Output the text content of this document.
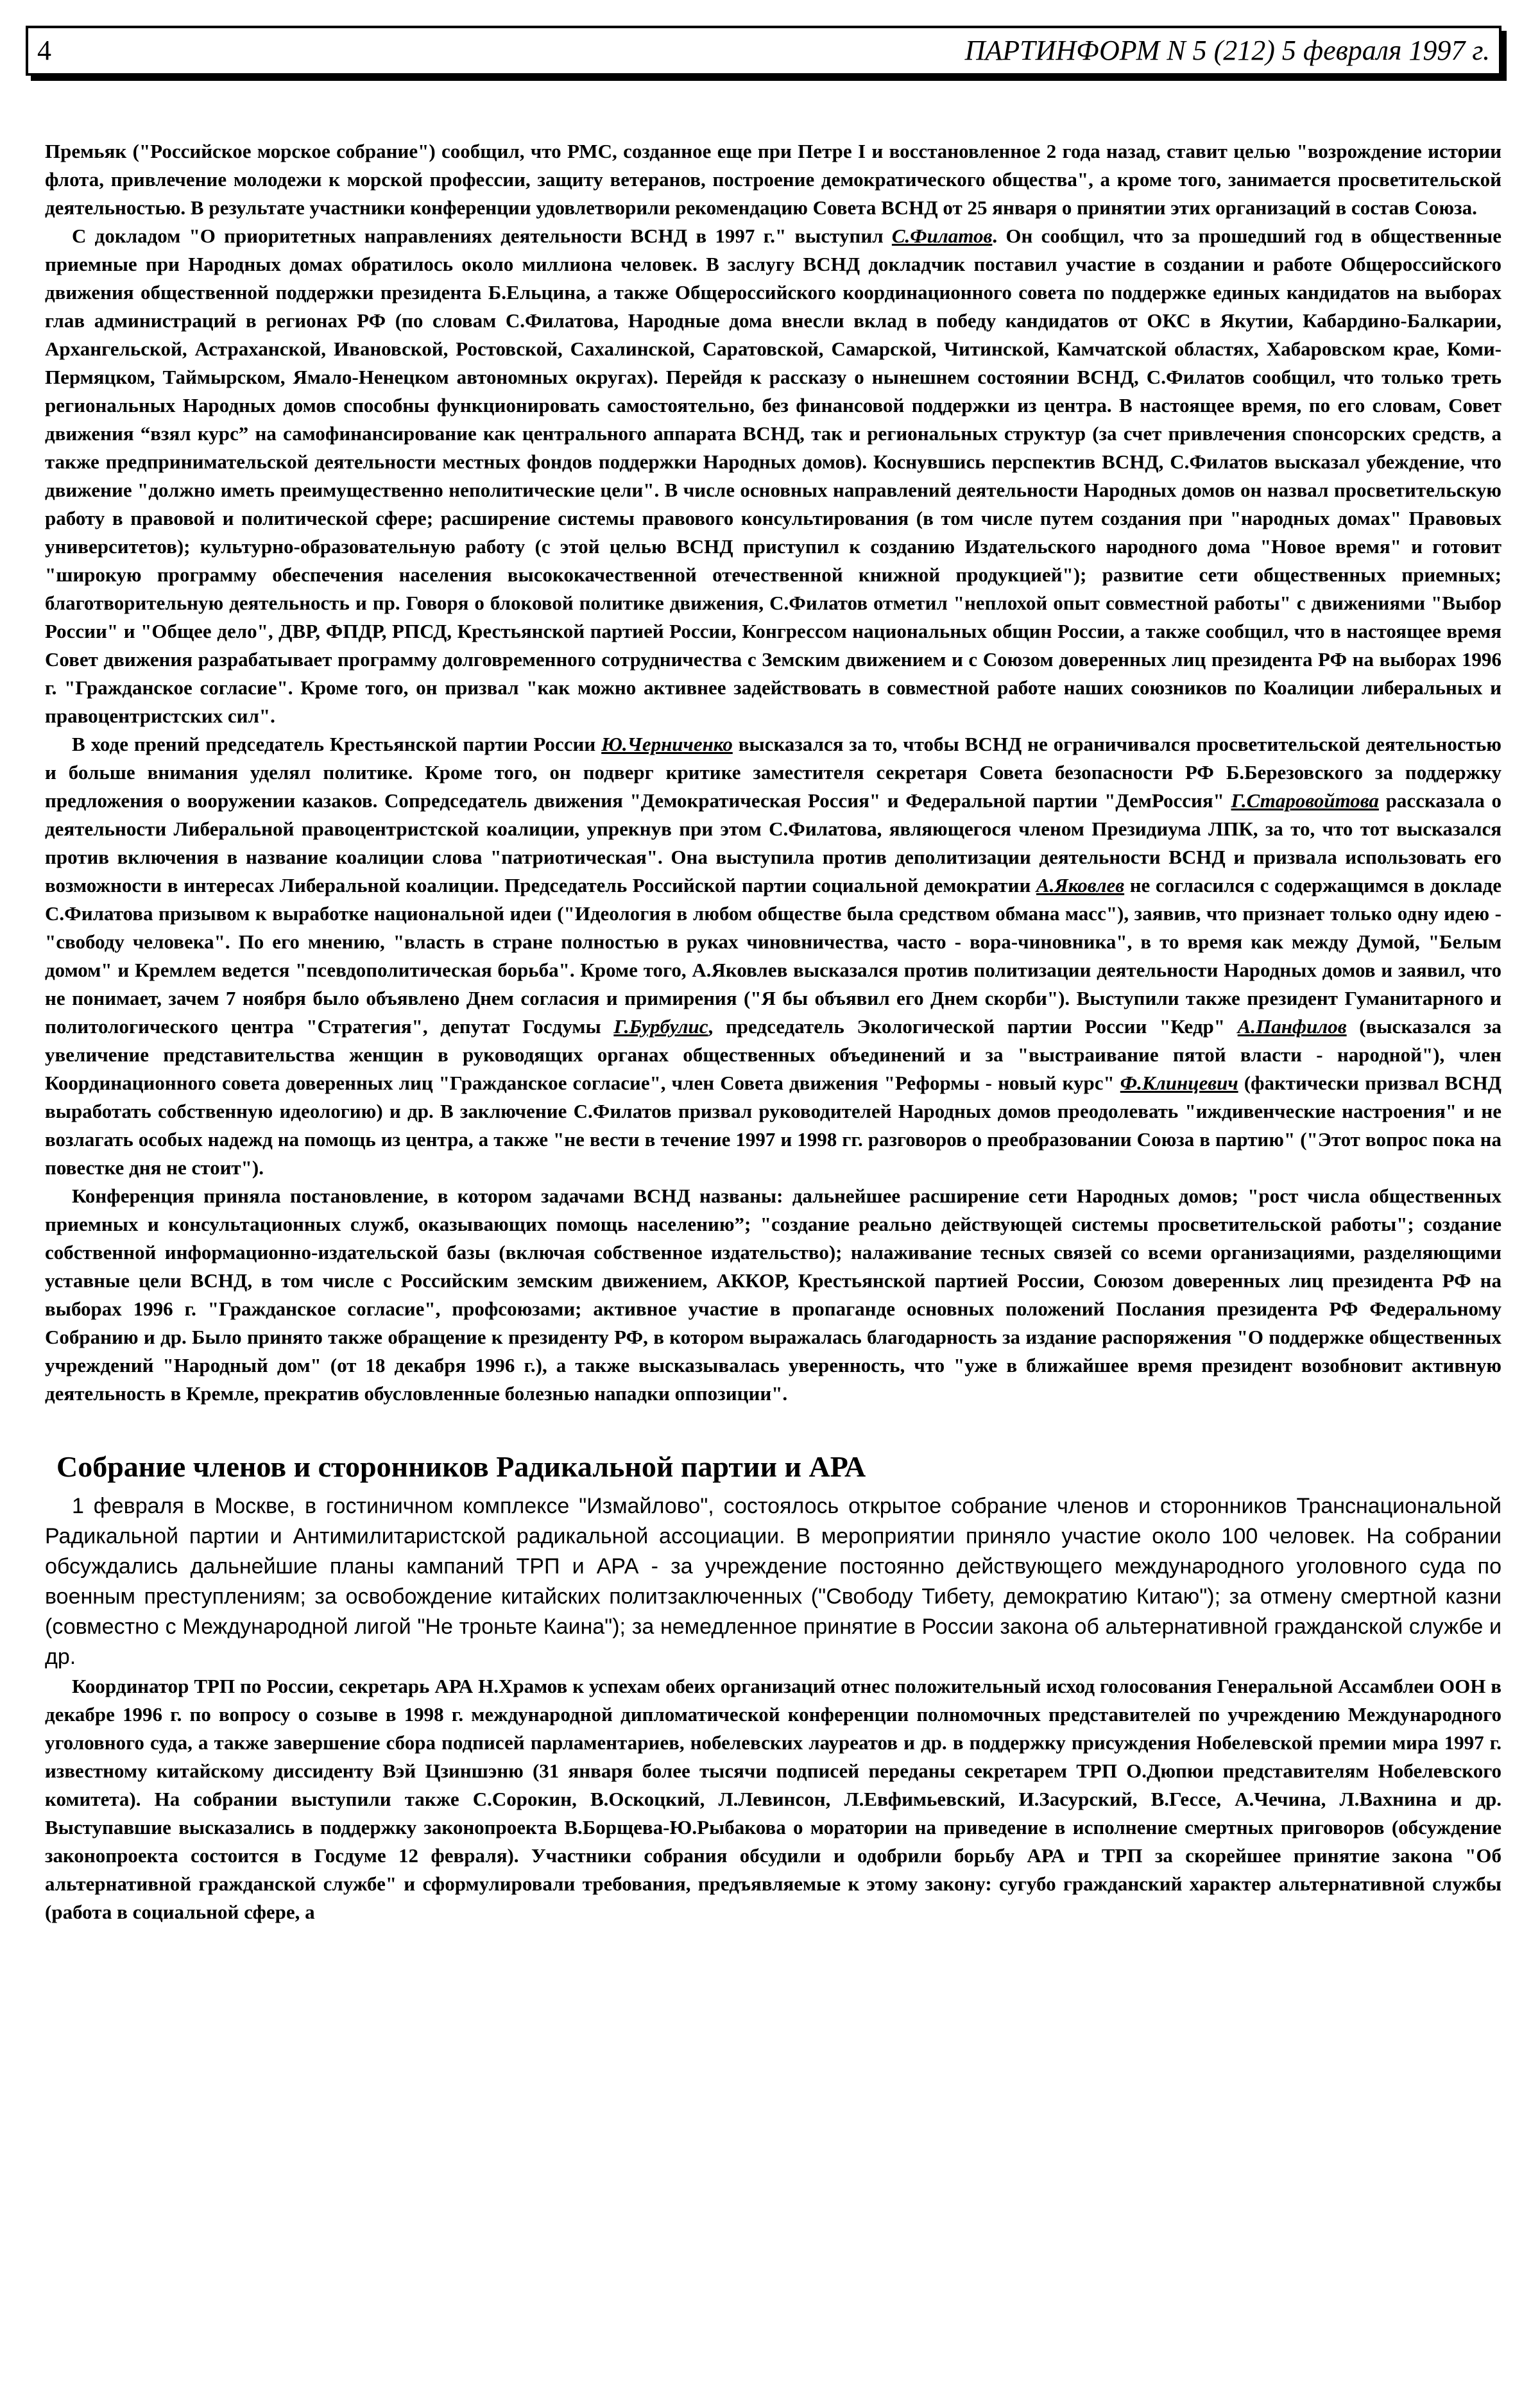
4	ПАРТИНФОРМ N 5 (212) 5 февраля 1997 г.

Премьяк ("Российское морское собрание") сообщил, что РМС, созданное еще при Петре I и восстановленное 2 года назад, ставит целью "возрождение истории флота, привлечение молодежи к морской профессии, защиту ветеранов, построение демократического общества", а кроме того, занимается просветительской деятельностью. В результате участники конференции удовлетворили рекомендацию Совета ВСНД от 25 января о принятии этих организаций в состав Союза.

С докладом "О приоритетных направлениях деятельности ВСНД в 1997 г." выступил С.Филатов. Он сообщил, что за прошедший год в общественные приемные при Народных домах обратилось около миллиона человек. В заслугу ВСНД докладчик поставил участие в создании и работе Общероссийского движения общественной поддержки президента Б.Ельцина, а также Общероссийского координационного совета по поддержке единых кандидатов на выборах глав администраций в регионах РФ (по словам С.Филатова, Народные дома внесли вклад в победу кандидатов от ОКС в Якутии, Кабардино-Балкарии, Архангельской, Астраханской, Ивановской, Ростовской, Сахалинской, Саратовской, Самарской, Читинской, Камчатской областях, Хабаровском крае, Коми-Пермяцком, Таймырском, Ямало-Ненецком автономных округах). Перейдя к рассказу о нынешнем состоянии ВСНД, С.Филатов сообщил, что только треть региональных Народных домов способны функционировать самостоятельно, без финансовой поддержки из центра. В настоящее время, по его словам, Совет движения “взял курс” на самофинансирование как центрального аппарата ВСНД, так и региональных структур (за счет привлечения спонсорских средств, а также предпринимательской деятельности местных фондов поддержки Народных домов). Коснувшись перспектив ВСНД, С.Филатов высказал убеждение, что движение "должно иметь преимущественно неполитические цели". В числе основных направлений деятельности Народных домов он назвал просветительскую работу в правовой и политической сфере; расширение системы правового консультирования (в том числе путем создания при "народных домах" Правовых университетов); культурно-образовательную работу (с этой целью ВСНД приступил к созданию Издательского народного дома "Новое время" и готовит "широкую программу обеспечения населения высококачественной отечественной книжной продукцией"); развитие сети общественных приемных; благотворительную деятельность и пр. Говоря о блоковой политике движения, С.Филатов отметил "неплохой опыт совместной работы" с движениями "Выбор России" и "Общее дело", ДВР, ФПДР, РПСД, Крестьянской партией России, Конгрессом национальных общин России, а также сообщил, что в настоящее время Совет движения разрабатывает программу долговременного сотрудничества с Земским движением и с Союзом доверенных лиц президента РФ на выборах 1996 г. "Гражданское согласие". Кроме того, он призвал "как можно активнее задействовать в совместной работе наших союзников по Коалиции либеральных и правоцентристских сил".

В ходе прений председатель Крестьянской партии России Ю.Черниченко высказался за то, чтобы ВСНД не ограничивался просветительской деятельностью и больше внимания уделял политике. Кроме того, он подверг критике заместителя секретаря Совета безопасности РФ Б.Березовского за поддержку предложения о вооружении казаков. Сопредседатель движения "Демократическая Россия" и Федеральной партии "ДемРоссия" Г.Старовойтова рассказала о деятельности Либеральной правоцентристской коалиции, упрекнув при этом С.Филатова, являющегося членом Президиума ЛПК, за то, что тот высказался против включения в название коалиции слова "патриотическая". Она выступила против деполитизации деятельности ВСНД и призвала использовать его возможности в интересах Либеральной коалиции. Председатель Российской партии социальной демократии А.Яковлев не согласился с содержащимся в докладе С.Филатова призывом к выработке национальной идеи ("Идеология в любом обществе была средством обмана масс"), заявив, что признает только одну идею - "свободу человека". По его мнению, "власть в стране полностью в руках чиновничества, часто - вора-чиновника", в то время как между Думой, "Белым домом" и Кремлем ведется "псевдополитическая борьба". Кроме того, А.Яковлев высказался против политизации деятельности Народных домов и заявил, что не понимает, зачем 7 ноября было объявлено Днем согласия и примирения ("Я бы объявил его Днем скорби"). Выступили также президент Гуманитарного и политологического центра "Стратегия", депутат Госдумы Г.Бурбулис, председатель Экологической партии России "Кедр" А.Панфилов (высказался за увеличение представительства женщин в руководящих органах общественных объединений и за "выстраивание пятой власти - народной"), член Координационного совета доверенных лиц "Гражданское согласие", член Совета движения "Реформы - новый курс" Ф.Клинцевич (фактически призвал ВСНД выработать собственную идеологию) и др. В заключение С.Филатов призвал руководителей Народных домов преодолевать "иждивенческие настроения" и не возлагать особых надежд на помощь из центра, а также "не вести в течение 1997 и 1998 гг. разговоров о преобразовании Союза в партию" ("Этот вопрос пока на повестке дня не стоит").

Конференция приняла постановление, в котором задачами ВСНД названы: дальнейшее расширение сети Народных домов; "рост числа общественных приемных и консультационных служб, оказывающих помощь населению”; "создание реально действующей системы просветительской работы"; создание собственной информационно-издательской базы (включая собственное издательство); налаживание тесных связей со всеми организациями, разделяющими уставные цели ВСНД, в том числе с Российским земским движением, АККОР, Крестьянской партией России, Союзом доверенных лиц президента РФ на выборах 1996 г. "Гражданское согласие", профсоюзами; активное участие в пропаганде основных положений Послания президента РФ Федеральному Собранию и др. Было принято также обращение к президенту РФ, в котором выражалась благодарность за издание распоряжения "О поддержке общественных учреждений "Народный дом" (от 18 декабря 1996 г.), а также высказывалась уверенность, что "уже в ближайшее время президент возобновит активную деятельность в Кремле, прекратив обусловленные болезнью нападки оппозиции".

Собрание членов и сторонников Радикальной партии и АРА

1 февраля в Москве, в гостиничном комплексе "Измайлово", состоялось открытое собрание членов и сторонников Транснациональной Радикальной партии и Антимилитаристской радикальной ассоциации. В мероприятии приняло участие около 100 человек. На собрании обсуждались дальнейшие планы кампаний ТРП и АРА - за учреждение постоянно действующего международного уголовного суда по военным преступлениям; за освобождение китайских политзаключенных ("Свободу Тибету, демократию Китаю"); за отмену смертной казни (совместно с Международной лигой "Не троньте Каина"); за немедленное принятие в России закона об альтернативной гражданской службе и др.

Координатор ТРП по России, секретарь АРА Н.Храмов к успехам обеих организаций отнес положительный исход голосования Генеральной Ассамблеи ООН в декабре 1996 г. по вопросу о созыве в 1998 г. международной дипломатической конференции полномочных представителей по учреждению Международного уголовного суда, а также завершение сбора подписей парламентариев, нобелевских лауреатов и др. в поддержку присуждения Нобелевской премии мира 1997 г. известному китайскому диссиденту Вэй Цзиншэню (31 января более тысячи подписей переданы секретарем ТРП О.Дюпюи представителям Нобелевского комитета). На собрании выступили также С.Сорокин, В.Оскоцкий, Л.Левинсон, Л.Евфимьевский, И.Засурский, В.Гессе, А.Чечина, Л.Вахнина и др. Выступавшие высказались в поддержку законопроекта В.Борщева-Ю.Рыбакова о моратории на приведение в исполнение смертных приговоров (обсуждение законопроекта состоится в Госдуме 12 февраля). Участники собрания обсудили и одобрили борьбу АРА и ТРП за скорейшее принятие закона "Об альтернативной гражданской службе" и сформулировали требования, предъявляемые к этому закону: сугубо гражданский характер альтернативной службы (работа в социальной сфере, а
